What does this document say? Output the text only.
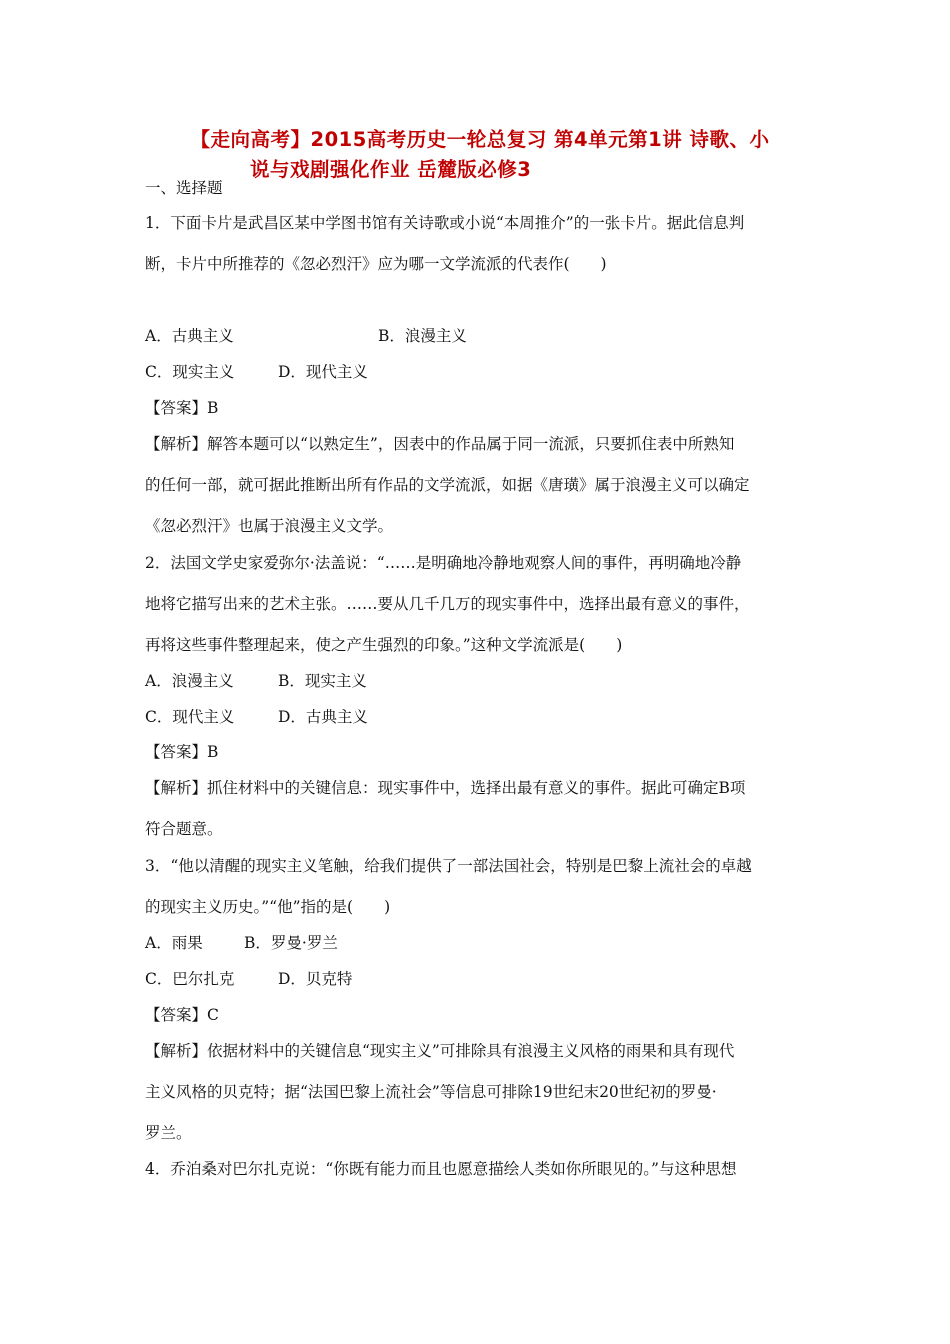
【走向高考】2015高考历史一轮总复习 第4单元第1讲 诗歌、小
说与戏剧强化作业 岳麓版必修3
一、选择题
1．下面卡片是武昌区某中学图书馆有关诗歌或小说“本周推介”的一张卡片。据此信息判
断，卡片中所推荐的《忽必烈汗》应为哪一文学流派的代表作(　　)
A．古典主义	B．浪漫主义
C．现实主义	D．现代主义
【答案】B
【解析】解答本题可以“以熟定生”，因表中的作品属于同一流派，只要抓住表中所熟知
的任何一部，就可据此推断出所有作品的文学流派，如据《唐璜》属于浪漫主义可以确定
《忽必烈汗》也属于浪漫主义文学。
2．法国文学史家爱弥尔·法盖说：“……是明确地冷静地观察人间的事件，再明确地冷静
地将它描写出来的艺术主张。……要从几千几万的现实事件中，选择出最有意义的事件，
再将这些事件整理起来，使之产生强烈的印象。”这种文学流派是(　　)
A．浪漫主义	B．现实主义
C．现代主义	D．古典主义
【答案】B
【解析】抓住材料中的关键信息：现实事件中，选择出最有意义的事件。据此可确定B项
符合题意。
3．“他以清醒的现实主义笔触，给我们提供了一部法国社会，特别是巴黎上流社会的卓越
的现实主义历史。”“他”指的是(　　)
A．雨果	B．罗曼·罗兰
C．巴尔扎克	D．贝克特
【答案】C
【解析】依据材料中的关键信息“现实主义”可排除具有浪漫主义风格的雨果和具有现代
主义风格的贝克特；据“法国巴黎上流社会”等信息可排除19世纪末20世纪初的罗曼·
罗兰。
4．乔泊桑对巴尔扎克说：“你既有能力而且也愿意描绘人类如你所眼见的。”与这种思想
